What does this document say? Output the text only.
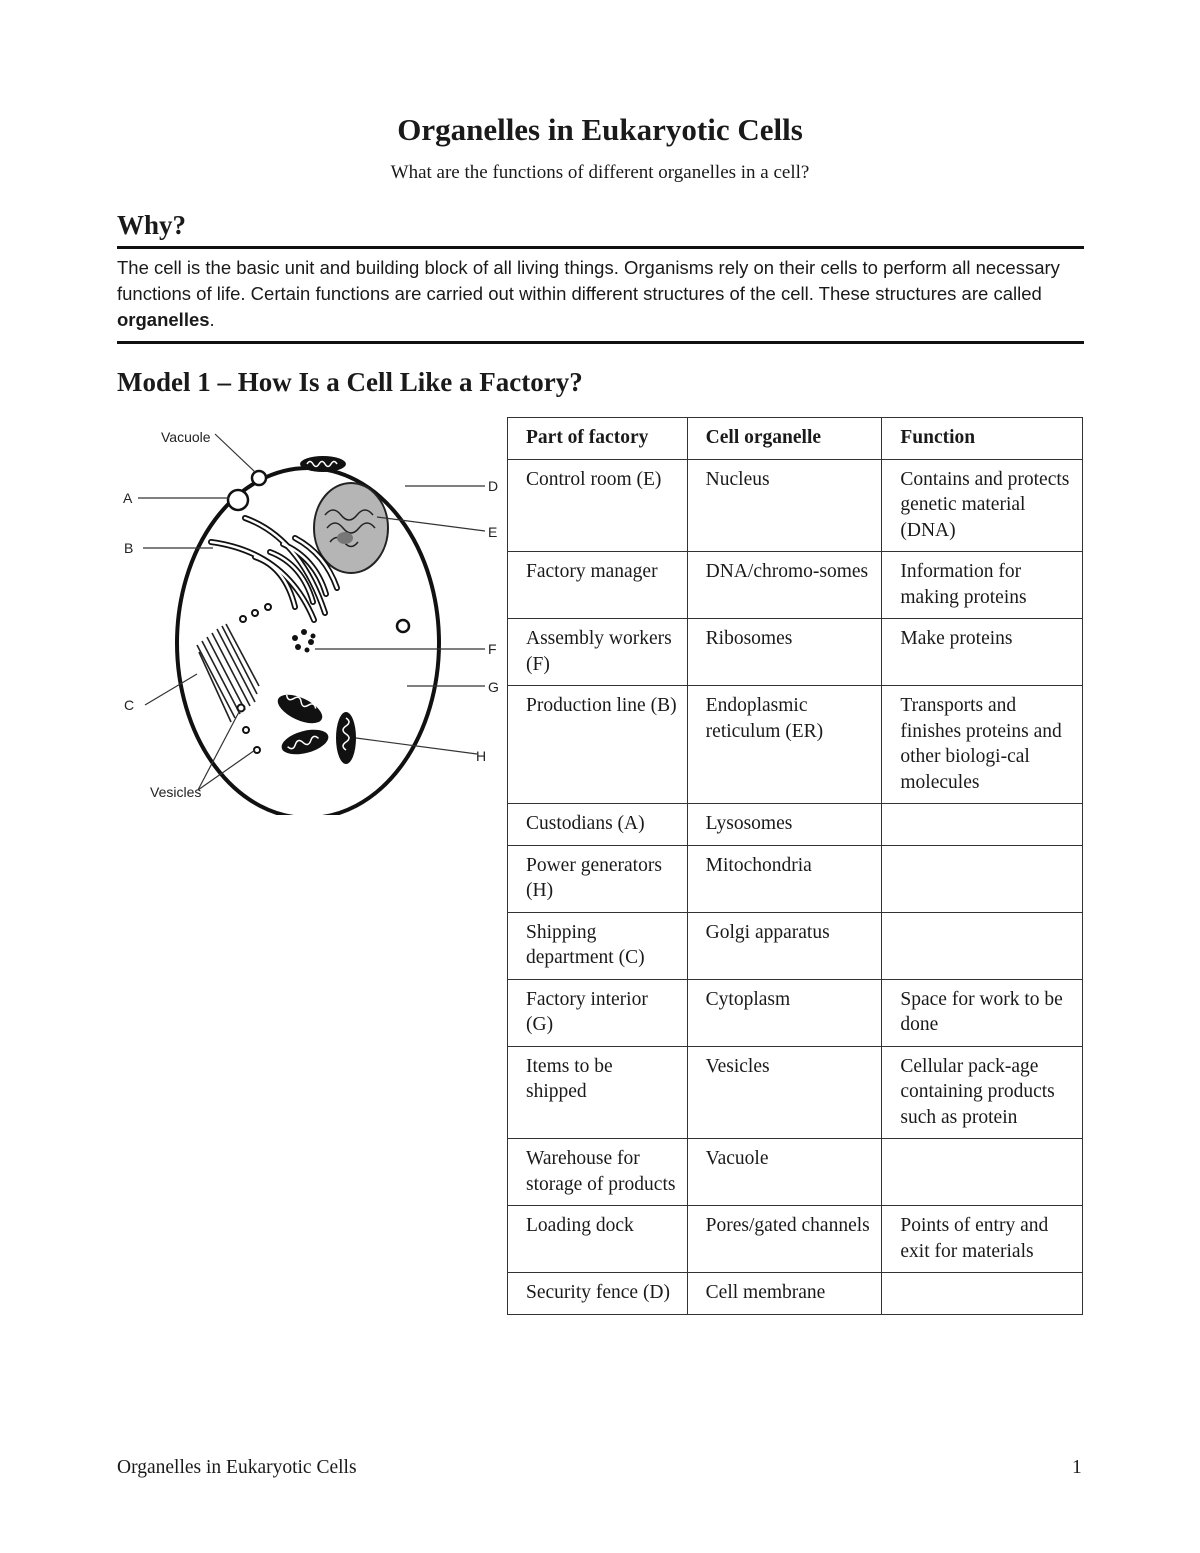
Organelles in Eukaryotic Cells

What are the functions of different organelles in a cell?

Why?

The cell is the basic unit and building block of all living things. Organisms rely on their cells to perform all necessary functions of life. Certain functions are carried out within different structures of the cell. These structures are called organelles.

Model 1 – How Is a Cell Like a Factory?
Vacuole
A
B
C
D
E
F
G
H
Vesicles
Part of factory	Cell organelle	Function
Control room (E)	Nucleus	Contains and protects genetic material (DNA)
Factory manager	DNA/chromo-somes	Information for making proteins
Assembly workers (F)	Ribosomes	Make proteins
Production line (B)	Endoplasmic reticulum (ER)	Transports and finishes proteins and other biologi-cal molecules
Custodians (A)	Lysosomes	
Power generators (H)	Mitochondria	
Shipping department (C)	Golgi apparatus	
Factory interior (G)	Cytoplasm	Space for work to be done
Items to be shipped	Vesicles	Cellular pack-age containing products such as protein
Warehouse for storage of products	Vacuole	
Loading dock	Pores/gated channels	Points of entry and exit for materials
Security fence (D)	Cell membrane	
Organelles in Eukaryotic Cells	1
